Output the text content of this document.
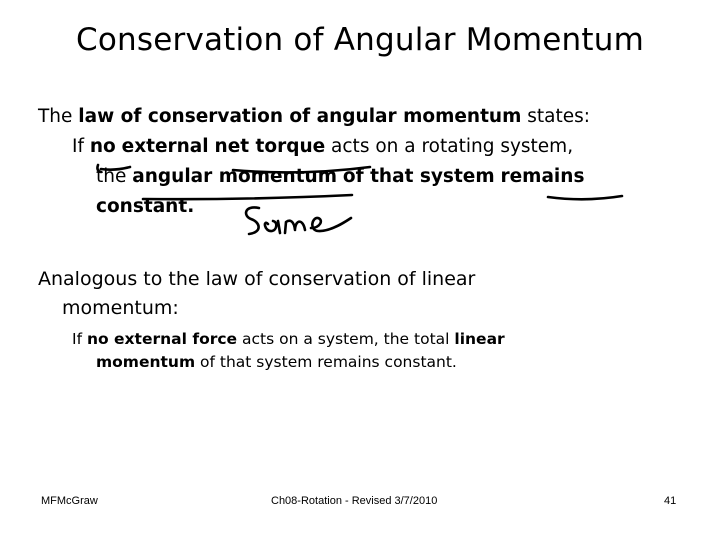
Conservation of Angular Momentum
The law of conservation of angular momentum states:
If no external net torque acts on a rotating system,
the angular momentum of that system remains
constant.
Analogous to the law of conservation of linear
momentum:
If no external force acts on a system, the total linear
momentum of that system remains constant.
Same
MFMcGraw	Ch08-Rotation - Revised 3/7/2010	41
